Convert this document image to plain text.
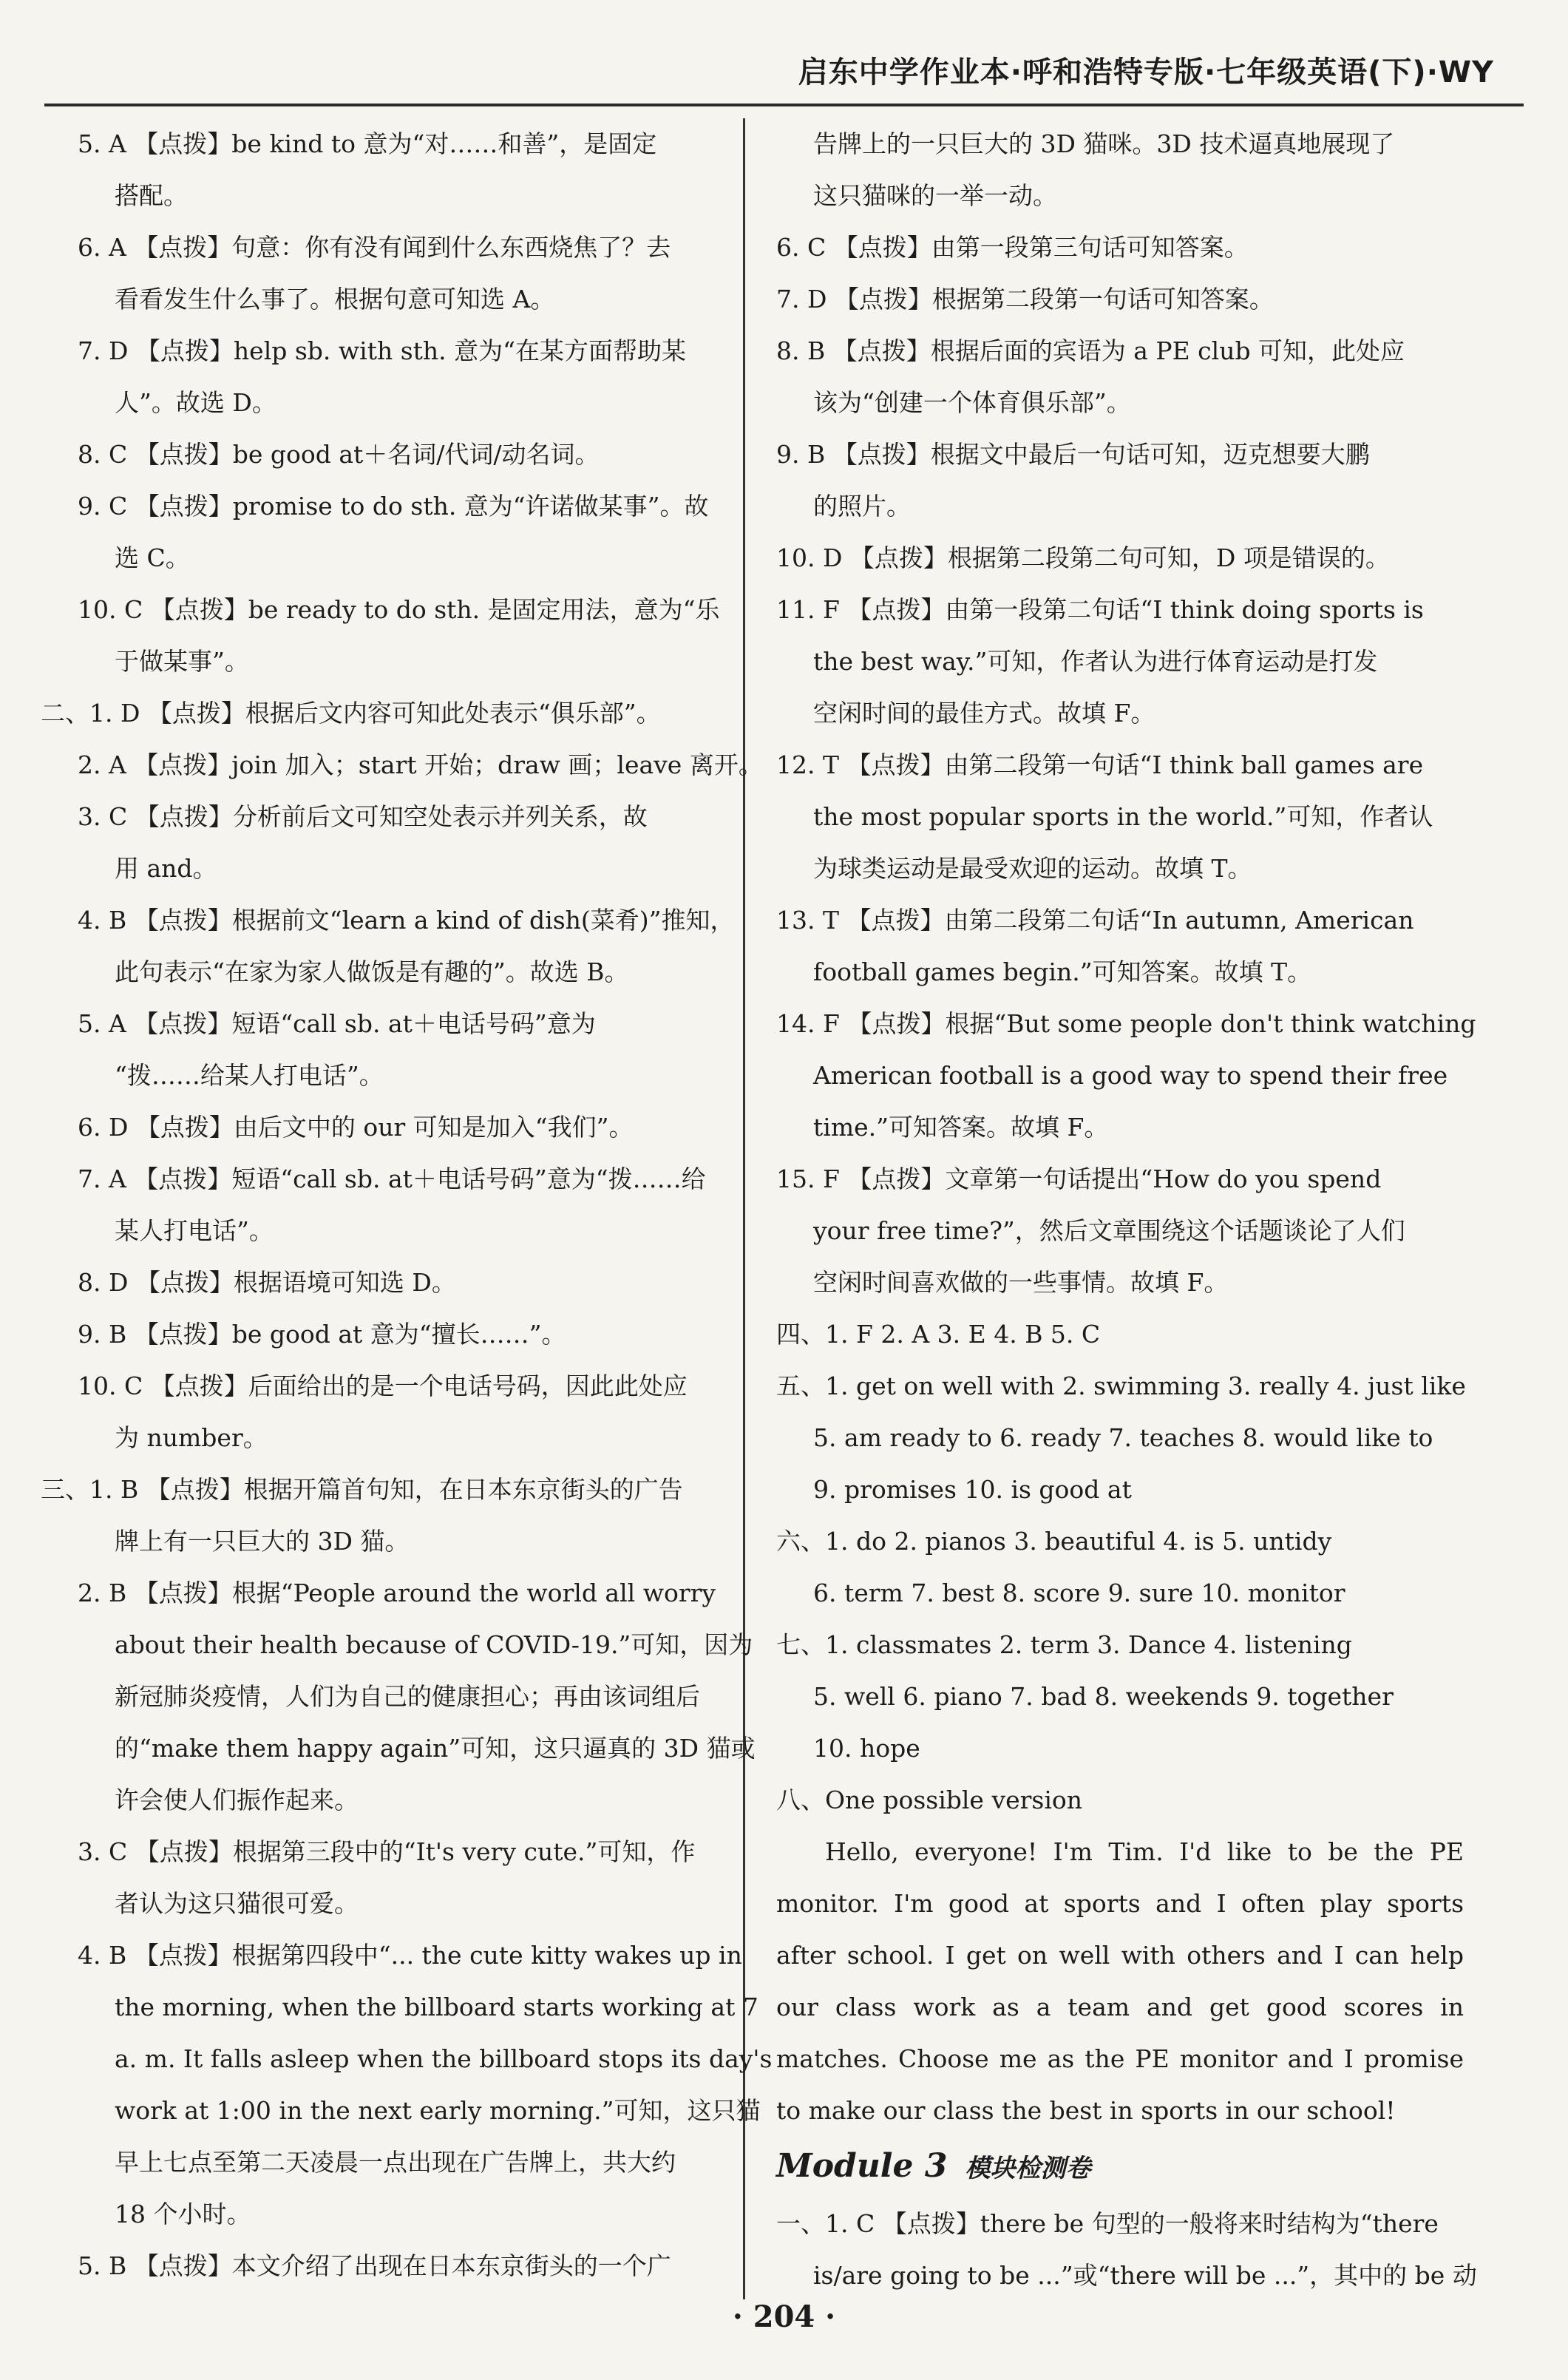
启东中学作业本·呼和浩特专版·七年级英语(下)·WY
5. A 【点拨】be kind to 意为“对……和善”，是固定
搭配。
6. A 【点拨】句意：你有没有闻到什么东西烧焦了？去
看看发生什么事了。根据句意可知选 A。
7. D 【点拨】help sb. with sth. 意为“在某方面帮助某
人”。故选 D。
8. C 【点拨】be good at＋名词/代词/动名词。
9. C 【点拨】promise to do sth. 意为“许诺做某事”。故
选 C。
10. C 【点拨】be ready to do sth. 是固定用法，意为“乐
于做某事”。
二、1. D 【点拨】根据后文内容可知此处表示“俱乐部”。
2. A 【点拨】join 加入；start 开始；draw 画；leave 离开。
3. C 【点拨】分析前后文可知空处表示并列关系，故
用 and。
4. B 【点拨】根据前文“learn a kind of dish(菜肴)”推知，
此句表示“在家为家人做饭是有趣的”。故选 B。
5. A 【点拨】短语“call sb. at＋电话号码”意为
“拨……给某人打电话”。
6. D 【点拨】由后文中的 our 可知是加入“我们”。
7. A 【点拨】短语“call sb. at＋电话号码”意为“拨……给
某人打电话”。
8. D 【点拨】根据语境可知选 D。
9. B 【点拨】be good at 意为“擅长……”。
10. C 【点拨】后面给出的是一个电话号码，因此此处应
为 number。
三、1. B 【点拨】根据开篇首句知，在日本东京街头的广告
牌上有一只巨大的 3D 猫。
2. B 【点拨】根据“People around the world all worry
about their health because of COVID-19.”可知，因为
新冠肺炎疫情，人们为自己的健康担心；再由该词组后
的“make them happy again”可知，这只逼真的 3D 猫或
许会使人们振作起来。
3. C 【点拨】根据第三段中的“It's very cute.”可知，作
者认为这只猫很可爱。
4. B 【点拨】根据第四段中“... the cute kitty wakes up in
the morning, when the billboard starts working at 7
a. m. It falls asleep when the billboard stops its day's
work at 1:00 in the next early morning.”可知，这只猫
早上七点至第二天凌晨一点出现在广告牌上，共大约
18 个小时。
5. B 【点拨】本文介绍了出现在日本东京街头的一个广
告牌上的一只巨大的 3D 猫咪。3D 技术逼真地展现了
这只猫咪的一举一动。
6. C 【点拨】由第一段第三句话可知答案。
7. D 【点拨】根据第二段第一句话可知答案。
8. B 【点拨】根据后面的宾语为 a PE club 可知，此处应
该为“创建一个体育俱乐部”。
9. B 【点拨】根据文中最后一句话可知，迈克想要大鹏
的照片。
10. D 【点拨】根据第二段第二句可知，D 项是错误的。
11. F 【点拨】由第一段第二句话“I think doing sports is
the best way.”可知，作者认为进行体育运动是打发
空闲时间的最佳方式。故填 F。
12. T 【点拨】由第二段第一句话“I think ball games are
the most popular sports in the world.”可知，作者认
为球类运动是最受欢迎的运动。故填 T。
13. T 【点拨】由第二段第二句话“In autumn, American
football games begin.”可知答案。故填 T。
14. F 【点拨】根据“But some people don't think watching
American football is a good way to spend their free
time.”可知答案。故填 F。
15. F 【点拨】文章第一句话提出“How do you spend
your free time?”，然后文章围绕这个话题谈论了人们
空闲时间喜欢做的一些事情。故填 F。
四、1. F 2. A 3. E 4. B 5. C
五、1. get on well with 2. swimming 3. really 4. just like
5. am ready to 6. ready 7. teaches 8. would like to
9. promises 10. is good at
六、1. do 2. pianos 3. beautiful 4. is 5. untidy
6. term 7. best 8. score 9. sure 10. monitor
七、1. classmates 2. term 3. Dance 4. listening
5. well 6. piano 7. bad 8. weekends 9. together
10. hope
八、One possible version

Hello, everyone! I'm Tim. I'd like to be the PE monitor. I'm good at sports and I often play sports after school. I get on well with others and I can help our class work as a team and get good scores in matches. Choose me as the PE monitor and I promise to make our class the best in sports in our school!

Module 3 模块检测卷
一、1. C 【点拨】there be 句型的一般将来时结构为“there
is/are going to be ...”或“there will be ...”，其中的 be 动
· 204 ·
